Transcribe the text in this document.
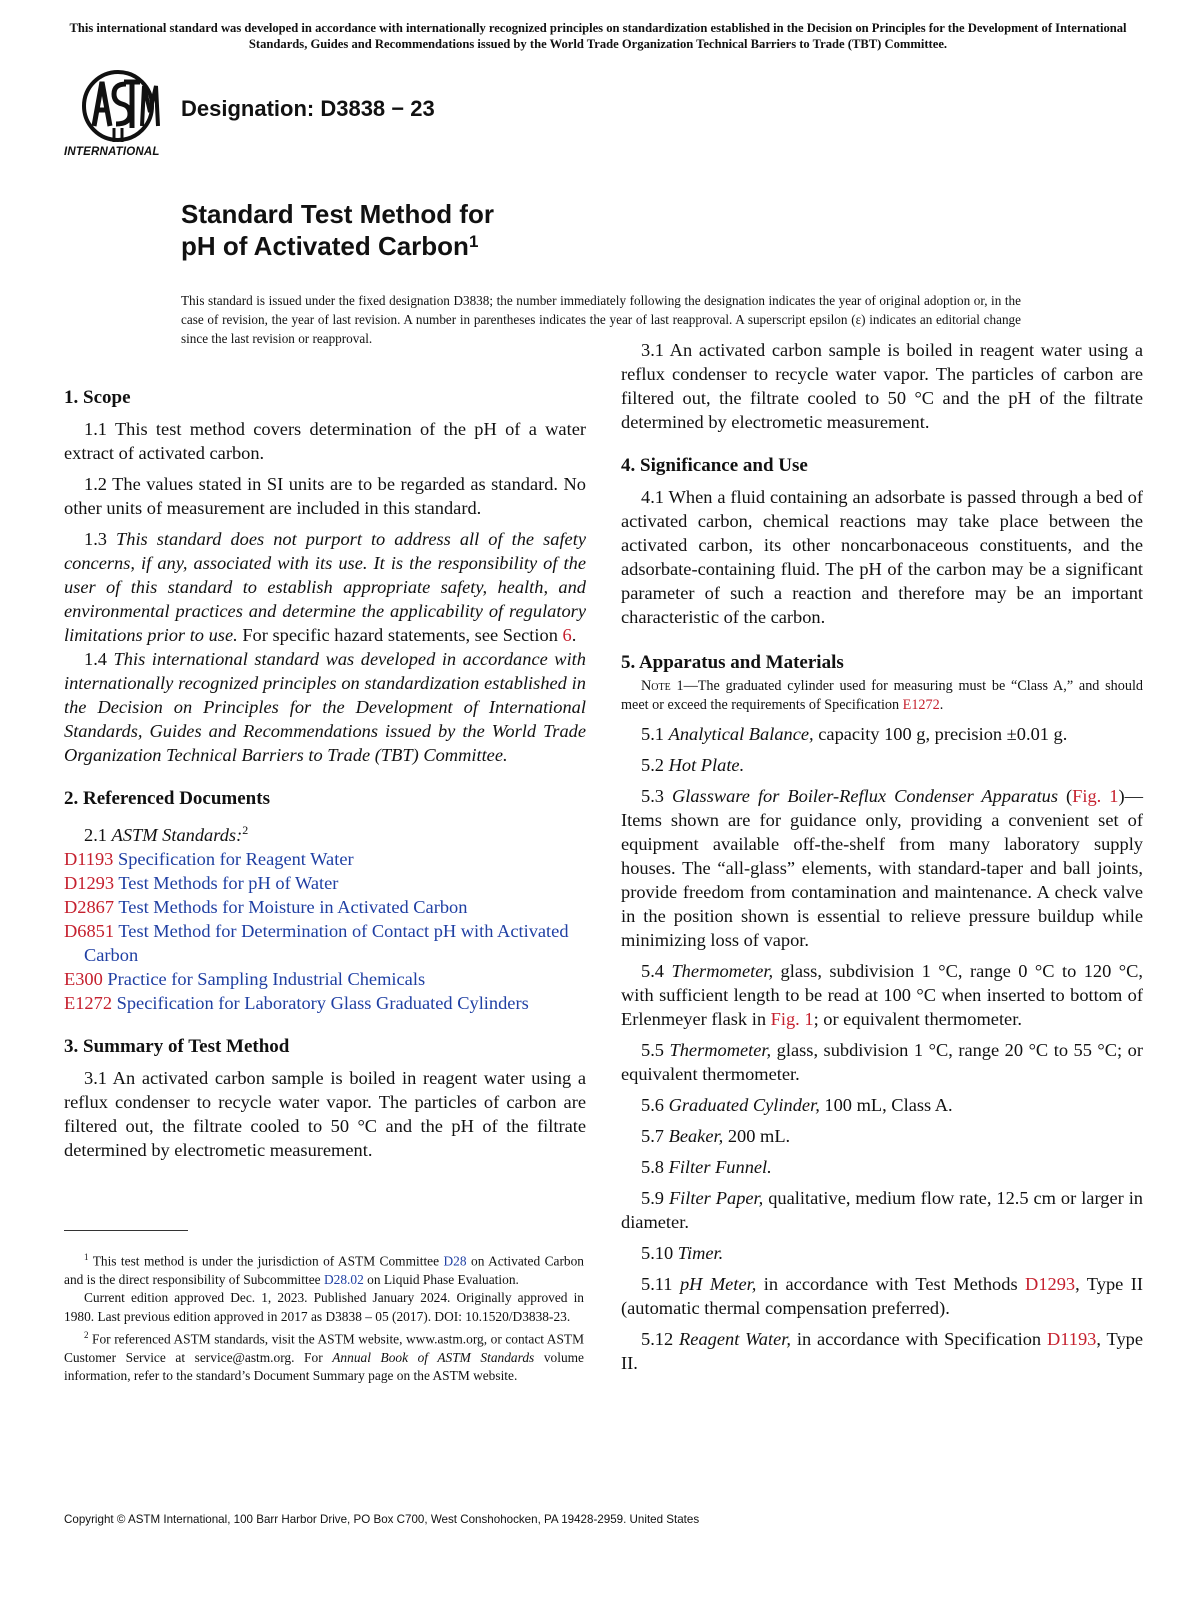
This international standard was developed in accordance with internationally recognized principles on standardization established in the Decision on Principles for the Development of International Standards, Guides and Recommendations issued by the World Trade Organization Technical Barriers to Trade (TBT) Committee.
INTERNATIONAL
Designation: D3838 − 23
Standard Test Method for
pH of Activated Carbon$^1$
This standard is issued under the fixed designation D3838; the number immediately following the designation indicates the year of original adoption or, in the case of revision, the year of last revision. A number in parentheses indicates the year of last reapproval. A superscript epsilon (ε) indicates an editorial change since the last revision or reapproval.

1. Scope

1.1 This test method covers determination of the pH of a water extract of activated carbon.

1.2 The values stated in SI units are to be regarded as standard. No other units of measurement are included in this standard.

1.3 This standard does not purport to address all of the safety concerns, if any, associated with its use. It is the responsibility of the user of this standard to establish appropriate safety, health, and environmental practices and determine the applicability of regulatory limitations prior to use. For specific hazard statements, see Section 6.

1.4 This international standard was developed in accordance with internationally recognized principles on standardization established in the Decision on Principles for the Development of International Standards, Guides and Recommendations issued by the World Trade Organization Technical Barriers to Trade (TBT) Committee.

2. Referenced Documents

2.1 ASTM Standards:$^2$

D1193 Specification for Reagent Water

D1293 Test Methods for pH of Water

D2867 Test Methods for Moisture in Activated Carbon

D6851 Test Method for Determination of Contact pH with Activated Carbon

E300 Practice for Sampling Industrial Chemicals

E1272 Specification for Laboratory Glass Graduated Cylinders

3. Summary of Test Method

3.1 An activated carbon sample is boiled in reagent water using a reflux condenser to recycle water vapor. The particles of carbon are filtered out, the filtrate cooled to 50 °C and the pH of the filtrate determined by electrometic measurement.

$^1$ This test method is under the jurisdiction of ASTM Committee D28 on Activated Carbon and is the direct responsibility of Subcommittee D28.02 on Liquid Phase Evaluation.

Current edition approved Dec. 1, 2023. Published January 2024. Originally approved in 1980. Last previous edition approved in 2017 as D3838 – 05 (2017). DOI: 10.1520/D3838-23.

$^2$ For referenced ASTM standards, visit the ASTM website, www.astm.org, or contact ASTM Customer Service at service@astm.org. For Annual Book of ASTM Standards volume information, refer to the standard’s Document Summary page on the ASTM website.

3.1 An activated carbon sample is boiled in reagent water using a reflux condenser to recycle water vapor. The particles of carbon are filtered out, the filtrate cooled to 50 °C and the pH of the filtrate determined by electrometic measurement.

4. Significance and Use

4.1 When a fluid containing an adsorbate is passed through a bed of activated carbon, chemical reactions may take place between the activated carbon, its other noncarbonaceous constituents, and the adsorbate-containing fluid. The pH of the carbon may be a significant parameter of such a reaction and therefore may be an important characteristic of the carbon.

5. Apparatus and Materials

Note 1—The graduated cylinder used for measuring must be “Class A,” and should meet or exceed the requirements of Specification E1272.

5.1 Analytical Balance, capacity 100 g, precision ±0.01 g.

5.2 Hot Plate.

5.3 Glassware for Boiler-Reflux Condenser Apparatus (Fig. 1)—Items shown are for guidance only, providing a convenient set of equipment available off-the-shelf from many laboratory supply houses. The “all-glass” elements, with standard-taper and ball joints, provide freedom from contamination and maintenance. A check valve in the position shown is essential to relieve pressure buildup while minimizing loss of vapor.

5.4 Thermometer, glass, subdivision 1 °C, range 0 °C to 120 °C, with sufficient length to be read at 100 °C when inserted to bottom of Erlenmeyer flask in Fig. 1; or equivalent thermometer.

5.5 Thermometer, glass, subdivision 1 °C, range 20 °C to 55 °C; or equivalent thermometer.

5.6 Graduated Cylinder, 100 mL, Class A.

5.7 Beaker, 200 mL.

5.8 Filter Funnel.

5.9 Filter Paper, qualitative, medium flow rate, 12.5 cm or larger in diameter.

5.10 Timer.

5.11 pH Meter, in accordance with Test Methods D1293, Type II (automatic thermal compensation preferred).

5.12 Reagent Water, in accordance with Specification D1193, Type II.

Copyright © ASTM International, 100 Barr Harbor Drive, PO Box C700, West Conshohocken, PA 19428-2959. United States
